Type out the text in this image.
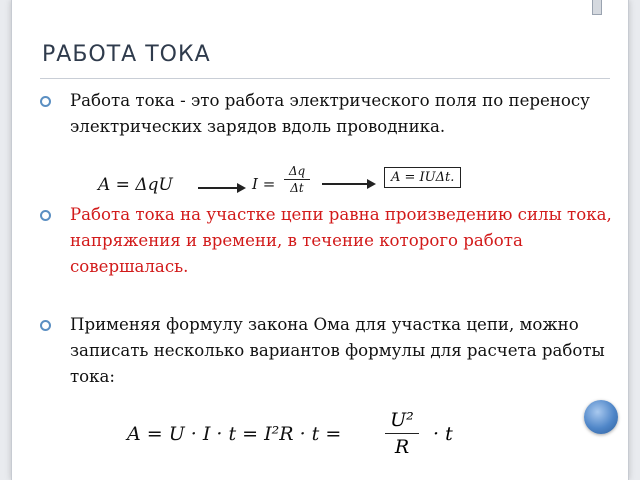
РАБОТА ТОКА
Работа тока - это работа электрического поля по переносу электрических зарядов вдоль проводника.
A = ΔqU	I =
Δq
Δt
A = IUΔt.
Работа тока на участке цепи равна произведению силы тока, напряжения и времени, в течение которого работа совершалась.
Применяя формулу закона Ома для участка цепи, можно записать несколько вариантов формулы для расчета работы тока:
A = U · I · t = I²R · t =
U²
R
· t
